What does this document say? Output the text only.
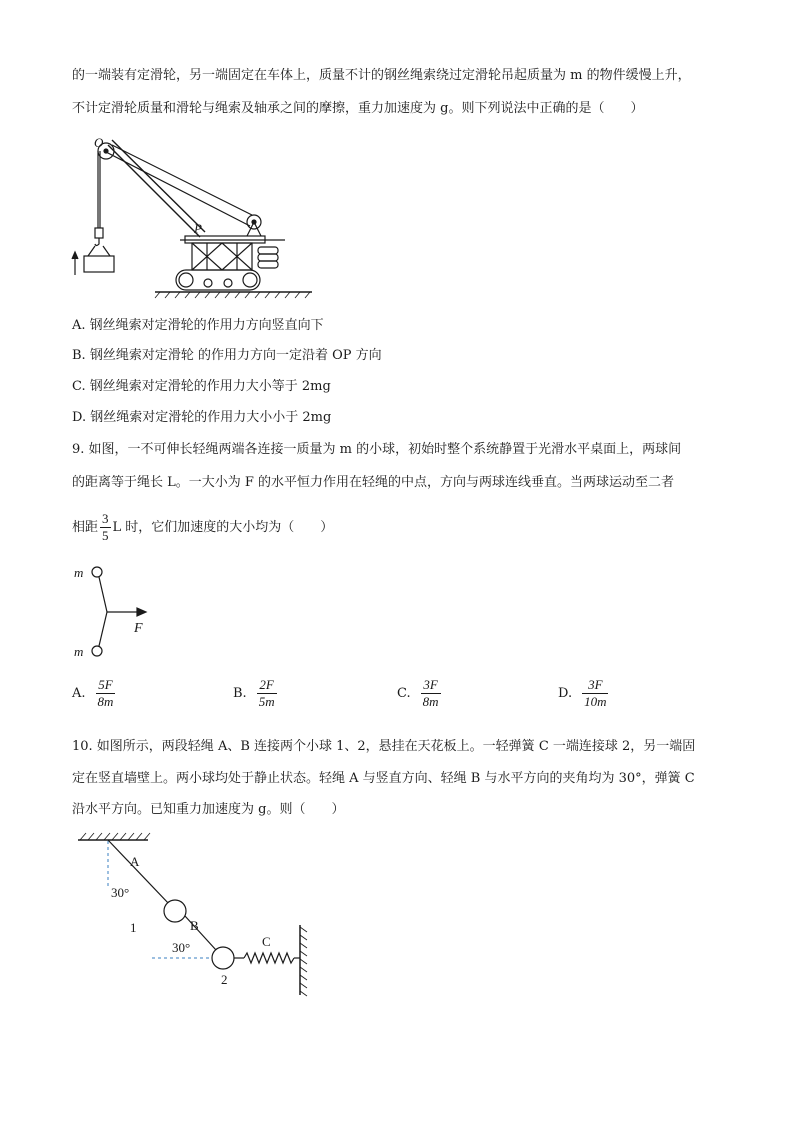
的一端装有定滑轮，另一端固定在车体上，质量不计的钢丝绳索绕过定滑轮吊起质量为 m 的物件缓慢上升，
不计定滑轮质量和滑轮与绳索及轴承之间的摩擦，重力加速度为 g。则下列说法中正确的是（　　）
O
P
A. 钢丝绳索对定滑轮的作用力方向竖直向下
B. 钢丝绳索对定滑轮 的作用力方向一定沿着 OP 方向
C. 钢丝绳索对定滑轮的作用力大小等于 2mg
D. 钢丝绳索对定滑轮的作用力大小小于 2mg
9. 如图，一不可伸长轻绳两端各连接一质量为 m 的小球，初始时整个系统静置于光滑水平桌面上，两球间
的距离等于绳长 L。一大小为 F 的水平恒力作用在轻绳的中点，方向与两球连线垂直。当两球运动至二者
相距 $\frac{3}{5}$ L 时，它们加速度的大小均为（　　）
m
m
F
A. $\frac{5F}{8m}$	B. $\frac{2F}{5m}$	C. $\frac{3F}{8m}$	D. $\frac{3F}{10m}$
10. 如图所示，两段轻绳 A、B 连接两个小球 1、2，悬挂在天花板上。一轻弹簧 C 一端连接球 2，另一端固
定在竖直墙壁上。两小球均处于静止状态。轻绳 A 与竖直方向、轻绳 B 与水平方向的夹角均为 30°，弹簧 C
沿水平方向。已知重力加速度为 g。则（　　）
A
30°
1	B
30°	C
2
